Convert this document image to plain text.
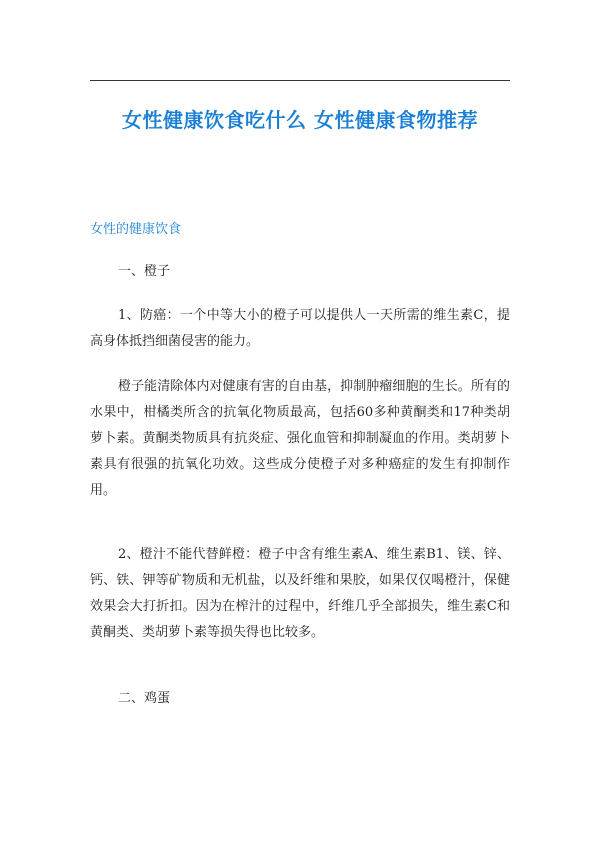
女性健康饮食吃什么 女性健康食物推荐
女性的健康饮食
一、橙子

1、防癌：一个中等大小的橙子可以提供人一天所需的维生素C，提高身体抵挡细菌侵害的能力。

橙子能清除体内对健康有害的自由基，抑制肿瘤细胞的生长。所有的水果中，柑橘类所含的抗氧化物质最高，包括60多种黄酮类和17种类胡萝卜素。黄酮类物质具有抗炎症、强化血管和抑制凝血的作用。类胡萝卜素具有很强的抗氧化功效。这些成分使橙子对多种癌症的发生有抑制作用。

2、橙汁不能代替鲜橙：橙子中含有维生素A、维生素B1、镁、锌、钙、铁、钾等矿物质和无机盐，以及纤维和果胶，如果仅仅喝橙汁，保健效果会大打折扣。因为在榨汁的过程中，纤维几乎全部损失，维生素C和黄酮类、类胡萝卜素等损失得也比较多。

二、鸡蛋
